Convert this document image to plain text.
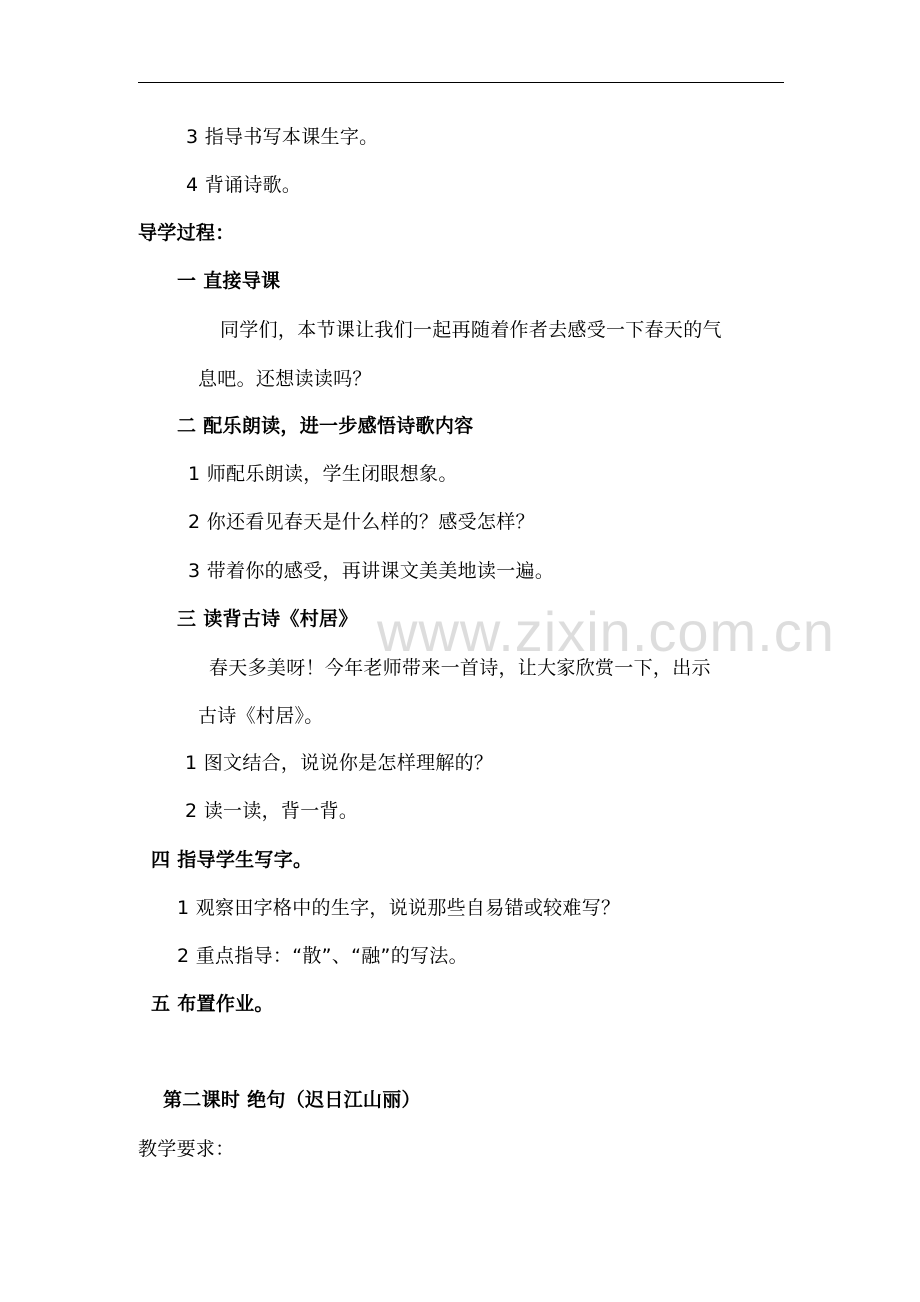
3 指导书写本课生字。
4 背诵诗歌。
导学过程：
一 直接导课
同学们，本节课让我们一起再随着作者去感受一下春天的气
息吧。还想读读吗？
二 配乐朗读，进一步感悟诗歌内容
1 师配乐朗读，学生闭眼想象。
2 你还看见春天是什么样的？感受怎样？
3 带着你的感受，再讲课文美美地读一遍。
三 读背古诗《村居》
春天多美呀！今年老师带来一首诗，让大家欣赏一下，出示
古诗《村居》。
1 图文结合，说说你是怎样理解的？
2 读一读，背一背。
四 指导学生写字。
1 观察田字格中的生字，说说那些自易错或较难写？
2 重点指导：“散”、“融”的写法。
五 布置作业。
第二课时 绝句（迟日江山丽）
教学要求：
www.zixin.com.cn
